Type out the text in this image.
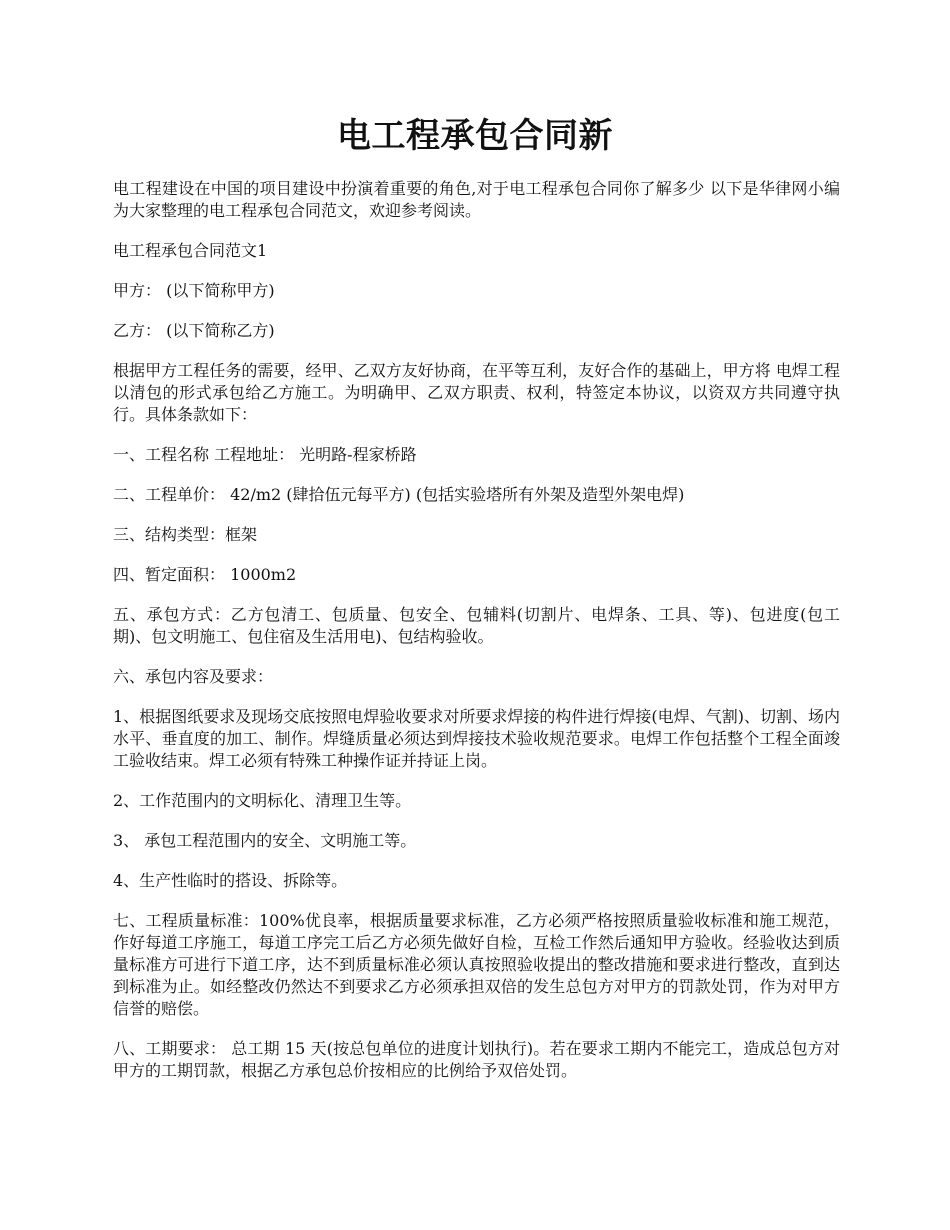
电工程承包合同新

电工程建设在中国的项目建设中扮演着重要的角色,对于电工程承包合同你了解多少 以下是华律网小编为大家整理的电工程承包合同范文，欢迎参考阅读。

电工程承包合同范文1

甲方： (以下简称甲方)

乙方： (以下简称乙方)

根据甲方工程任务的需要，经甲、乙双方友好协商，在平等互利，友好合作的基础上，甲方将 电焊工程以清包的形式承包给乙方施工。为明确甲、乙双方职责、权利，特签定本协议，以资双方共同遵守执行。具体条款如下：

一、工程名称 工程地址： 光明路-程家桥路

二、工程单价： 42/m2 (肆拾伍元每平方) (包括实验塔所有外架及造型外架电焊)

三、结构类型：框架

四、暂定面积： 1000m2

五、承包方式：乙方包清工、包质量、包安全、包辅料(切割片、电焊条、工具、等)、包进度(包工期)、包文明施工、包住宿及生活用电)、包结构验收。

六、承包内容及要求：

1、根据图纸要求及现场交底按照电焊验收要求对所要求焊接的构件进行焊接(电焊、气割)、切割、场内水平、垂直度的加工、制作。焊缝质量必须达到焊接技术验收规范要求。电焊工作包括整个工程全面竣工验收结束。焊工必须有特殊工种操作证并持证上岗。

2、工作范围内的文明标化、清理卫生等。

3、 承包工程范围内的安全、文明施工等。

4、生产性临时的搭设、拆除等。

七、工程质量标准：100%优良率，根据质量要求标准，乙方必须严格按照质量验收标准和施工规范，作好每道工序施工，每道工序完工后乙方必须先做好自检，互检工作然后通知甲方验收。经验收达到质量标准方可进行下道工序，达不到质量标准必须认真按照验收提出的整改措施和要求进行整改，直到达到标准为止。如经整改仍然达不到要求乙方必须承担双倍的发生总包方对甲方的罚款处罚，作为对甲方信誉的赔偿。

八、工期要求： 总工期 15 天(按总包单位的进度计划执行)。若在要求工期内不能完工，造成总包方对甲方的工期罚款，根据乙方承包总价按相应的比例给予双倍处罚。
